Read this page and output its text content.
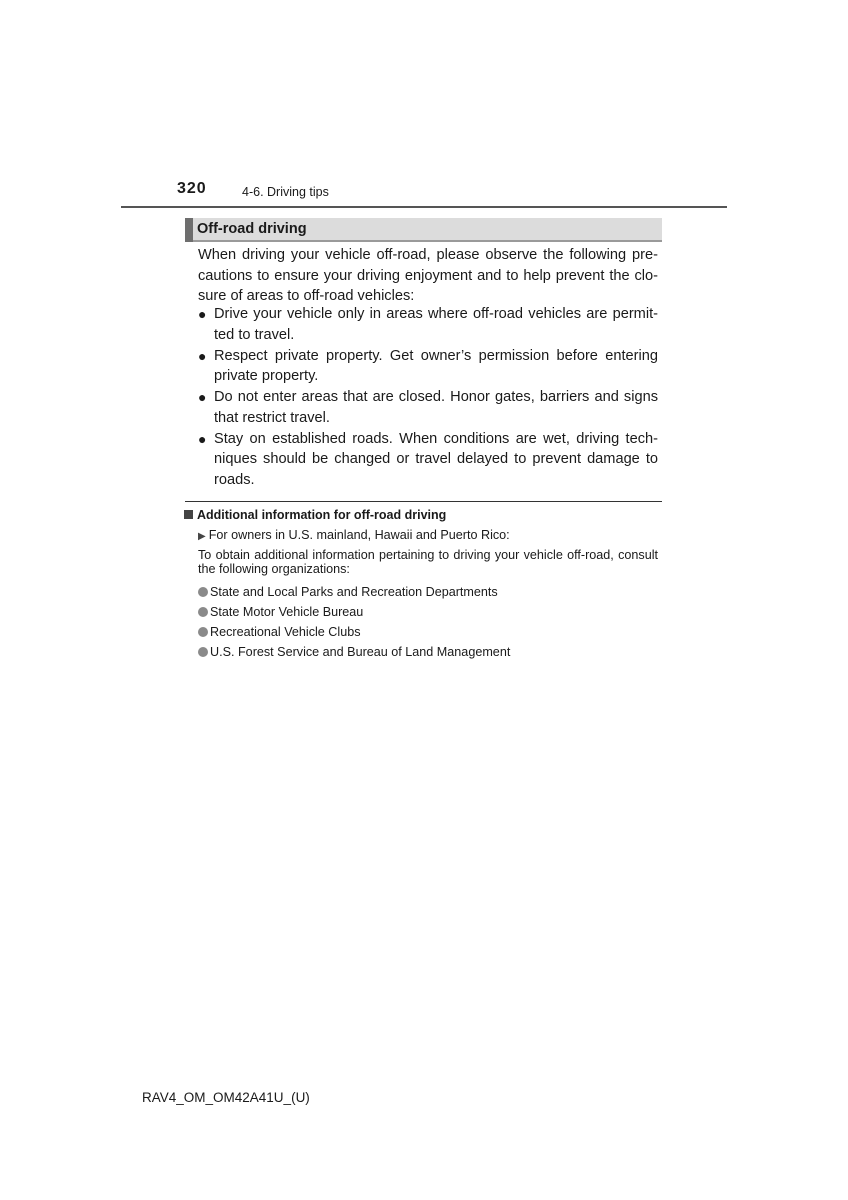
320	4-6. Driving tips
Off-road driving
When driving your vehicle off-road, please observe the following pre-cautions to ensure your driving enjoyment and to help prevent the clo-sure of areas to off-road vehicles:
● Drive your vehicle only in areas where off-road vehicles are permit-ted to travel.
● Respect private property. Get owner’s permission before entering private property.
● Do not enter areas that are closed. Honor gates, barriers and signs that restrict travel.
● Stay on established roads. When conditions are wet, driving tech-niques should be changed or travel delayed to prevent damage to roads.
Additional information for off-road driving
▶ For owners in U.S. mainland, Hawaii and Puerto Rico:
To obtain additional information pertaining to driving your vehicle off-road, consult the following organizations:
State and Local Parks and Recreation Departments
State Motor Vehicle Bureau
Recreational Vehicle Clubs
U.S. Forest Service and Bureau of Land Management
RAV4_OM_OM42A41U_(U)
